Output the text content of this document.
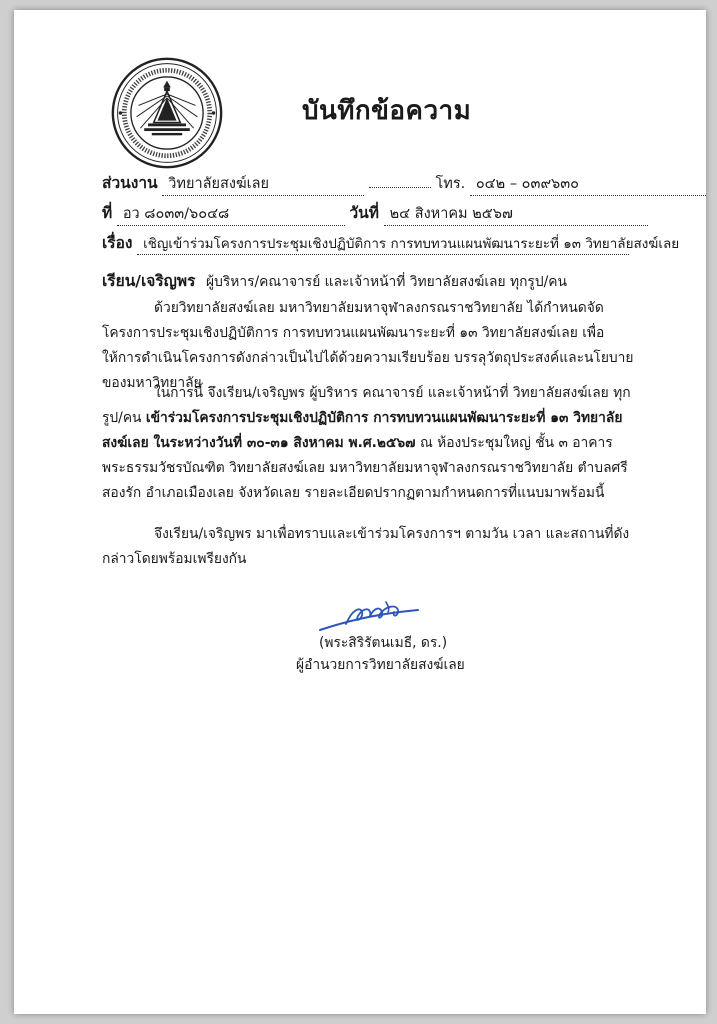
บันทึกข้อความ
ส่วนงาน วิทยาลัยสงฆ์เลย	โทร. ๐๔๒ – ๐๓๙๖๓๐
ที่ อว ๘๐๓๓/๖๐๔๘	วันที่ ๒๔ สิงหาคม ๒๕๖๗
เรื่อง เชิญเข้าร่วมโครงการประชุมเชิงปฏิบัติการ การทบทวนแผนพัฒนาระยะที่ ๑๓ วิทยาลัยสงฆ์เลย
เรียน/เจริญพร ผู้บริหาร/คณาจารย์ และเจ้าหน้าที่ วิทยาลัยสงฆ์เลย ทุกรูป/คน

ด้วยวิทยาลัยสงฆ์เลย มหาวิทยาลัยมหาจุฬาลงกรณราชวิทยาลัย ได้กำหนดจัดโครงการประชุมเชิงปฏิบัติการ การทบทวนแผนพัฒนาระยะที่ ๑๓ วิทยาลัยสงฆ์เลย เพื่อให้การดำเนินโครงการดังกล่าวเป็นไปได้ด้วยความเรียบร้อย บรรลุวัตถุประสงค์และนโยบายของมหาวิทยาลัย

ในการนี้ จึงเรียน/เจริญพร ผู้บริหาร คณาจารย์ และเจ้าหน้าที่ วิทยาลัยสงฆ์เลย ทุกรูป/คน เข้าร่วมโครงการประชุมเชิงปฏิบัติการ การทบทวนแผนพัฒนาระยะที่ ๑๓ วิทยาลัยสงฆ์เลย ในระหว่างวันที่ ๓๐-๓๑ สิงหาคม พ.ศ.๒๕๖๗ ณ ห้องประชุมใหญ่ ชั้น ๓ อาคารพระธรรมวัชรบัณฑิต วิทยาลัยสงฆ์เลย มหาวิทยาลัยมหาจุฬาลงกรณราชวิทยาลัย ตำบลศรีสองรัก อำเภอเมืองเลย จังหวัดเลย รายละเอียดปรากฏตามกำหนดการที่แนบมาพร้อมนี้

จึงเรียน/เจริญพร มาเพื่อทราบและเข้าร่วมโครงการฯ ตามวัน เวลา และสถานที่ดังกล่าวโดยพร้อมเพรียงกัน

(พระสิริรัตนเมธี, ดร.)
ผู้อำนวยการวิทยาลัยสงฆ์เลย
